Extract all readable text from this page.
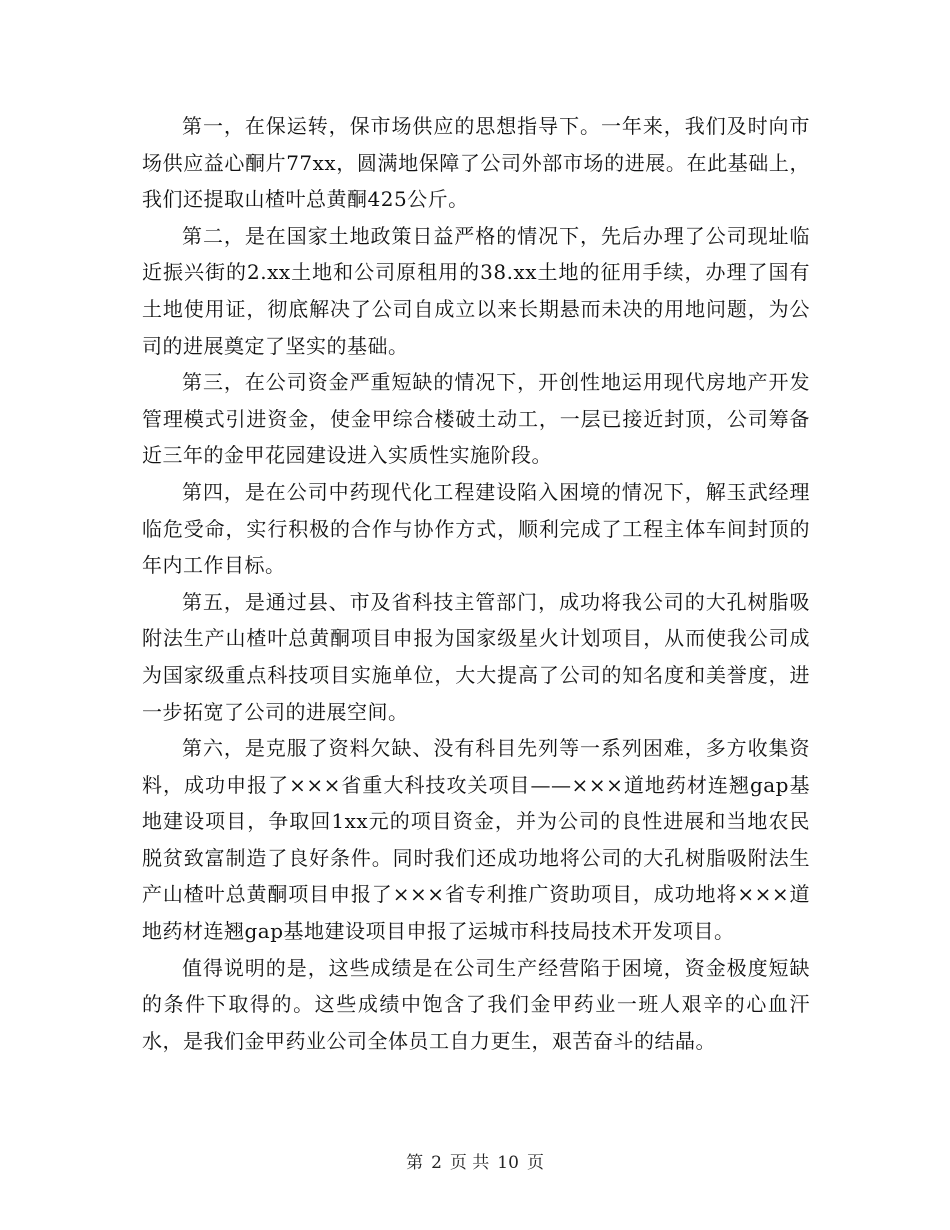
第一，在保运转，保市场供应的思想指导下。一年来，我们及时向市场供应益心酮片77xx，圆满地保障了公司外部市场的进展。在此基础上，我们还提取山楂叶总黄酮425公斤。

第二，是在国家土地政策日益严格的情况下，先后办理了公司现址临近振兴街的2.xx土地和公司原租用的38.xx土地的征用手续，办理了国有土地使用证，彻底解决了公司自成立以来长期悬而未决的用地问题，为公司的进展奠定了坚实的基础。

第三，在公司资金严重短缺的情况下，开创性地运用现代房地产开发管理模式引进资金，使金甲综合楼破土动工，一层已接近封顶，公司筹备近三年的金甲花园建设进入实质性实施阶段。

第四，是在公司中药现代化工程建设陷入困境的情况下，解玉武经理临危受命，实行积极的合作与协作方式，顺利完成了工程主体车间封顶的年内工作目标。

第五，是通过县、市及省科技主管部门，成功将我公司的大孔树脂吸附法生产山楂叶总黄酮项目申报为国家级星火计划项目，从而使我公司成为国家级重点科技项目实施单位，大大提高了公司的知名度和美誉度，进一步拓宽了公司的进展空间。

第六，是克服了资料欠缺、没有科目先列等一系列困难，多方收集资料，成功申报了×××省重大科技攻关项目——×××道地药材连翘gap基地建设项目，争取回1xx元的项目资金，并为公司的良性进展和当地农民脱贫致富制造了良好条件。同时我们还成功地将公司的大孔树脂吸附法生产山楂叶总黄酮项目申报了×××省专利推广资助项目，成功地将×××道地药材连翘gap基地建设项目申报了运城市科技局技术开发项目。

值得说明的是，这些成绩是在公司生产经营陷于困境，资金极度短缺的条件下取得的。这些成绩中饱含了我们金甲药业一班人艰辛的心血汗水，是我们金甲药业公司全体员工自力更生，艰苦奋斗的结晶。

第 2 页 共 10 页
